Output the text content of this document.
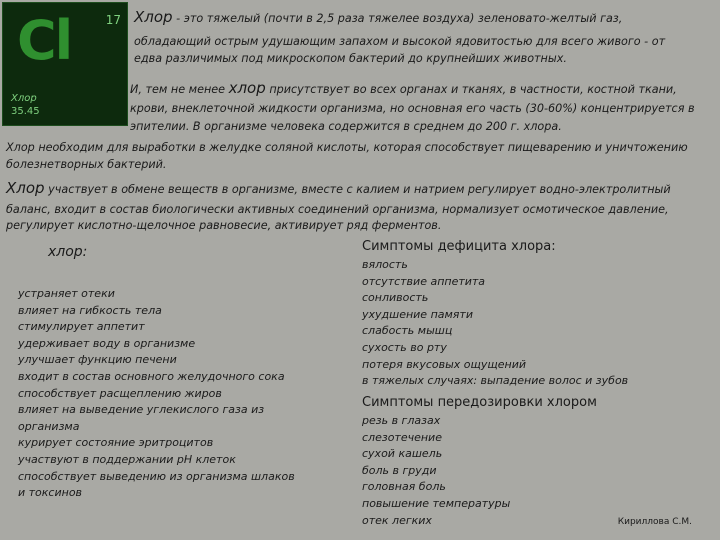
Cl	17
Хлор
35.45
Хлор - это тяжелый (почти в 2,5 раза тяжелее воздуха) зеленовато-желтый газ,
обладающий острым удушающим запахом и высокой ядовитостью для всего живого - от
едва различимых под микроскопом бактерий до крупнейших животных.
И, тем не менее хлор присутствует во всех органах и тканях, в частности, костной ткани,
крови, внеклеточной жидкости организма, но основная его часть (30-60%) концентрируется в
эпителии. В организме человека содержится в среднем до 200 г. хлора.
Хлор необходим для выработки в желудке соляной кислоты, которая способствует пищеварению и уничтожению
болезнетворных бактерий.
Хлор участвует в обмене веществ в организме, вместе с калием и натрием регулирует водно-электролитный
баланс, входит в состав биологически активных соединений организма, нормализует осмотическое давление,
регулирует кислотно-щелочное равновесие, активирует ряд ферментов.
хлор:
устраняет отеки
влияет на гибкость тела
стимулирует аппетит
удерживает воду в организме
улучшает функцию печени
входит в состав основного желудочного сока
способствует расщеплению жиров
влияет на выведение углекислого газа из
организма
курирует состояние эритроцитов
участвуют в поддержании pH клеток
способствует выведению из организма шлаков
и токсинов
Симптомы дефицита хлора:
вялость
отсутствие аппетита
сонливость
ухудшение памяти
слабость мышц
сухость во рту
потеря вкусовых ощущений
в тяжелых случаях: выпадение волос и зубов
Симптомы передозировки хлором
резь в глазах
слезотечение
сухой кашель
боль в груди
головная боль
повышение температуры
отек легких	Кириллова С.М.
